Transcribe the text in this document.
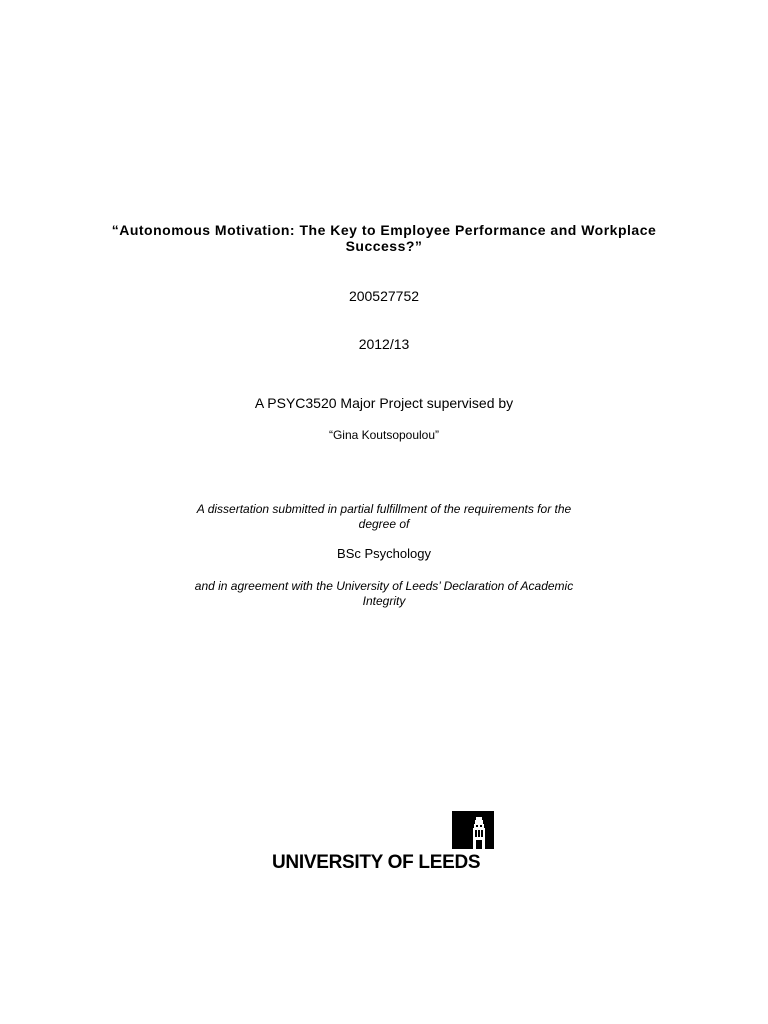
“Autonomous Motivation: The Key to Employee Performance and Workplace Success?”
200527752
2012/13
A PSYC3520 Major Project supervised by
“Gina Koutsopoulou”
A dissertation submitted in partial fulfillment of the requirements for the degree of
BSc Psychology
and in agreement with the University of Leeds’ Declaration of Academic Integrity
UNIVERSITY OF LEEDS
